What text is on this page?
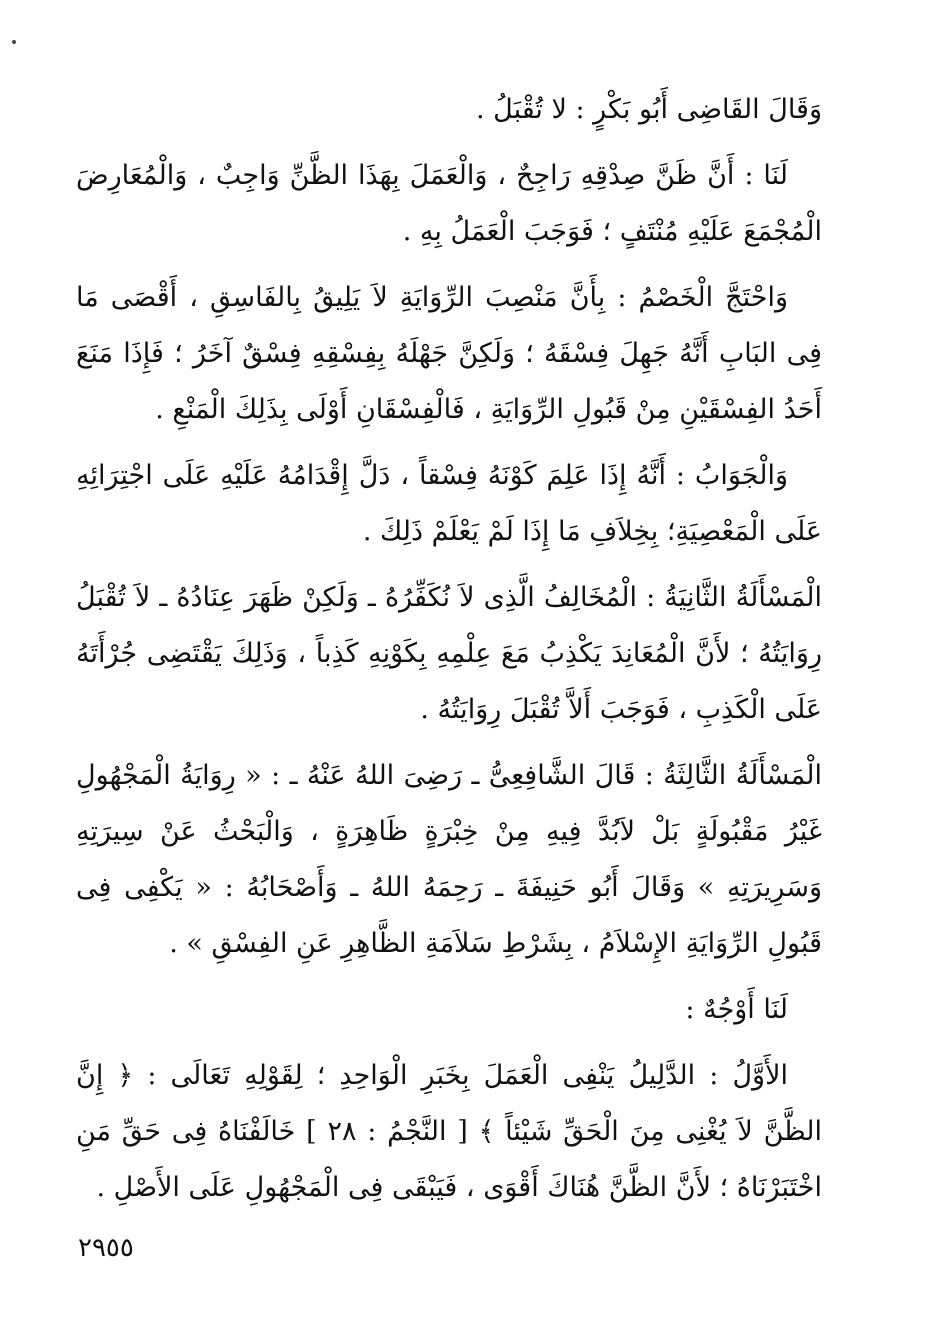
وَقَالَ القَاضِى أَبُو بَكْرٍ : لا تُقْبَلُ .

لَنَا : أَنَّ ظَنَّ صِدْقِهِ رَاجِحٌ ، وَالْعَمَلَ بِهَذَا الظَّنِّ وَاجِبٌ ، وَالْمُعَارِضَ الْمُجْمَعَ عَلَيْهِ مُنْتَفٍ ؛ فَوَجَبَ الْعَمَلُ بِهِ .

وَاحْتَجَّ الْخَصْمُ : بِأَنَّ مَنْصِبَ الرِّوَايَةِ لاَ يَلِيقُ بِالفَاسِقِ ، أَقْصَى مَا فِى البَابِ أَنَّهُ جَهِلَ فِسْقَهُ ؛ وَلَكِنَّ جَهْلَهُ بِفِسْقِهِ فِسْقٌ آخَرُ ؛ فَإِذَا مَنَعَ أَحَدُ الفِسْقَيْنِ مِنْ قَبُولِ الرِّوَايَةِ ، فَالْفِسْقَانِ أَوْلَى بِذَلِكَ الْمَنْعِ .

وَالْجَوَابُ : أَنَّهُ إِذَا عَلِمَ كَوْنَهُ فِسْقاً ، دَلَّ إِقْدَامُهُ عَلَيْهِ عَلَى اجْتِرَائِهِ عَلَى الْمَعْصِيَةِ؛ بِخِلاَفِ مَا إِذَا لَمْ يَعْلَمْ ذَلِكَ .

الْمَسْأَلَةُ الثَّانِيَةُ : الْمُخَالِفُ الَّذِى لاَ نُكَفِّرُهُ ـ وَلَكِنْ ظَهَرَ عِنَادُهُ ـ لاَ تُقْبَلُ رِوَايَتُهُ ؛ لأَنَّ الْمُعَانِدَ يَكْذِبُ مَعَ عِلْمِهِ بِكَوْنِهِ كَذِباً ، وَذَلِكَ يَقْتَضِى جُرْأَتَهُ عَلَى الْكَذِبِ ، فَوَجَبَ أَلاَّ تُقْبَلَ رِوَايَتُهُ .

الْمَسْأَلَةُ الثَّالِثَةُ : قَالَ الشَّافِعِىُّ ـ رَضِىَ اللهُ عَنْهُ ـ : « رِوَايَةُ الْمَجْهُولِ غَيْرُ مَقْبُولَةٍ بَلْ لاَبُدَّ فِيهِ مِنْ خِبْرَةٍ ظَاهِرَةٍ ، وَالْبَحْثُ عَنْ سِيرَتِهِ وَسَرِيرَتِهِ » وَقَالَ أَبُو حَنِيفَةَ ـ رَحِمَهُ اللهُ ـ وَأَصْحَابُهُ : « يَكْفِى فِى قَبُولِ الرِّوَايَةِ الإِسْلاَمُ ، بِشَرْطِ سَلاَمَةِ الظَّاهِرِ عَنِ الفِسْقِ » .

لَنَا أَوْجُهٌ :

الأَوَّلُ : الدَّلِيلُ يَنْفِى الْعَمَلَ بِخَبَرِ الْوَاحِدِ ؛ لِقَوْلِهِ تَعَالَى : ﴿ إِنَّ الظَّنَّ لاَ يُغْنِى مِنَ الْحَقِّ شَيْئاً ﴾ [ النَّجْمُ : ٢٨ ] خَالَفْنَاهُ فِى حَقِّ مَنِ اخْتَبَرْنَاهُ ؛ لأَنَّ الظَّنَّ هُنَاكَ أَقْوَى ، فَيَبْقَى فِى الْمَجْهُولِ عَلَى الأَصْلِ .

٢٩٥٥
